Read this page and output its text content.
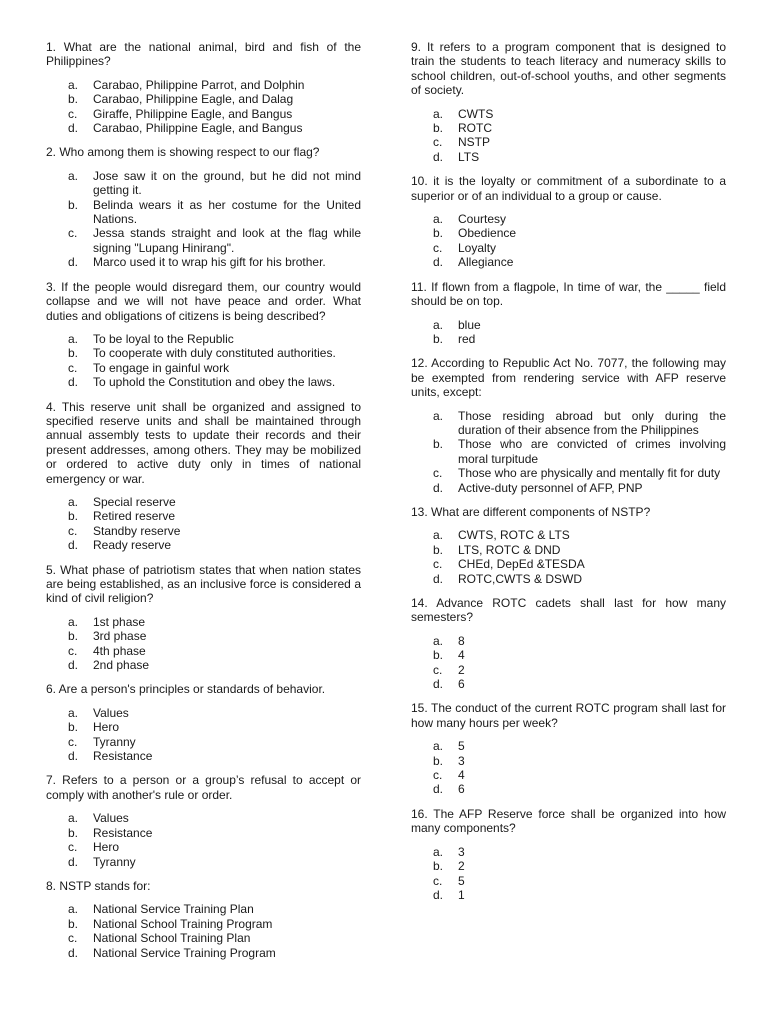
1. What are the national animal, bird and fish of the Philippines?

a.	Carabao, Philippine Parrot, and Dolphin
b.	Carabao, Philippine Eagle, and Dalag
c.	Giraffe, Philippine Eagle, and Bangus
d.	Carabao, Philippine Eagle, and Bangus

2. Who among them is showing respect to our flag?

a.	Jose saw it on the ground, but he did not mind getting it.
b.	Belinda wears it as her costume for the United Nations.
c.	Jessa stands straight and look at the flag while signing "Lupang Hinirang".
d.	Marco used it to wrap his gift for his brother.

3. If the people would disregard them, our country would collapse and we will not have peace and order. What duties and obligations of citizens is being described?

a.	To be loyal to the Republic
b.	To cooperate with duly constituted authorities.
c.	To engage in gainful work
d.	To uphold the Constitution and obey the laws.

4. This reserve unit shall be organized and assigned to specified reserve units and shall be maintained through annual assembly tests to update their records and their present addresses, among others. They may be mobilized or ordered to active duty only in times of national emergency or war.

a.	Special reserve
b.	Retired reserve
c.	Standby reserve
d.	Ready reserve

5. What phase of patriotism states that when nation states are being established, as an inclusive force is considered a kind of civil religion?

a.	1st phase
b.	3rd phase
c.	4th phase
d.	2nd phase

6. Are a person's principles or standards of behavior.

a.	Values
b.	Hero
c.	Tyranny
d.	Resistance

7. Refers to a person or a group’s refusal to accept or comply with another's rule or order.

a.	Values
b.	Resistance
c.	Hero
d.	Tyranny

8. NSTP stands for:

a.	National Service Training Plan
b.	National School Training Program
c.	National School Training Plan
d.	National Service Training Program

9. It refers to a program component that is designed to train the students to teach literacy and numeracy skills to school children, out-of-school youths, and other segments of society.

a.	CWTS
b.	ROTC
c.	NSTP
d.	LTS

10. it is the loyalty or commitment of a subordinate to a superior or of an individual to a group or cause.

a.	Courtesy
b.	Obedience
c.	Loyalty
d.	Allegiance

11. If flown from a flagpole, In time of war, the _____ field should be on top.

a.	blue
b.	red

12. According to Republic Act No. 7077, the following may be exempted from rendering service with AFP reserve units, except:

a.	Those residing abroad but only during the duration of their absence from the Philippines
b.	Those who are convicted of crimes involving moral turpitude
c.	Those who are physically and mentally fit for duty
d.	Active-duty personnel of AFP, PNP

13. What are different components of NSTP?

a.	CWTS, ROTC & LTS
b.	LTS, ROTC & DND
c.	CHEd, DepEd &TESDA
d.	ROTC,CWTS & DSWD

14. Advance ROTC cadets shall last for how many semesters?

a.	8
b.	4
c.	2
d.	6

15. The conduct of the current ROTC program shall last for how many hours per week?

a.	5
b.	3
c.	4
d.	6

16. The AFP Reserve force shall be organized into how many components?

a.	3
b.	2
c.	5
d.	1
